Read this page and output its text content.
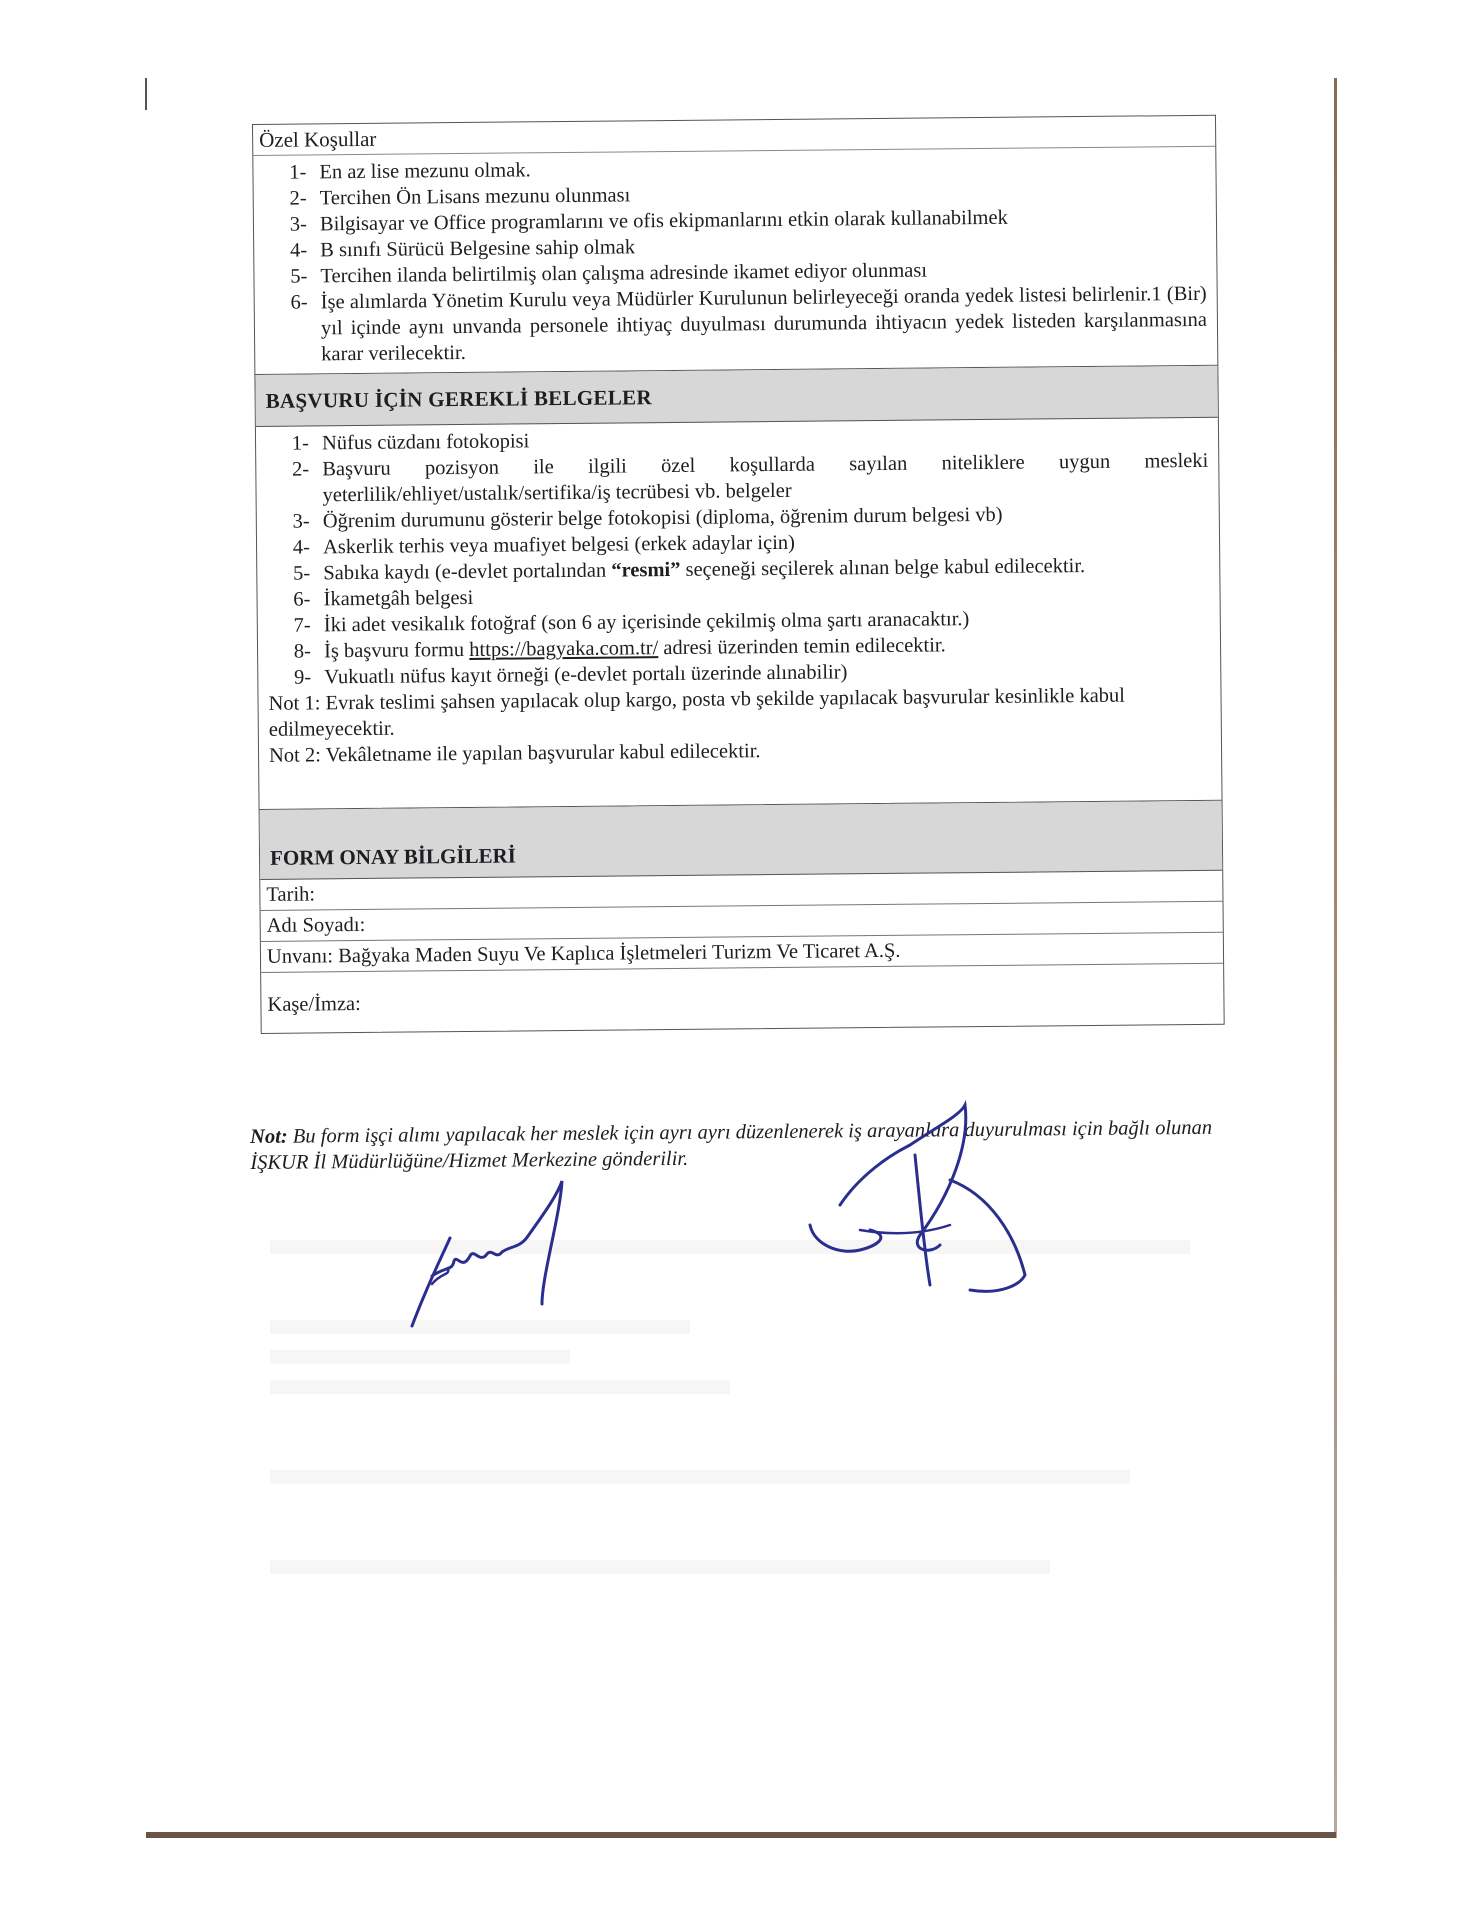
Özel Koşullar
1. En az lise mezunu olmak.
2. Tercihen Ön Lisans mezunu olunması
3. Bilgisayar ve Office programlarını ve ofis ekipmanlarını etkin olarak kullanabilmek
4. B sınıfı Sürücü Belgesine sahip olmak
5. Tercihen ilanda belirtilmiş olan çalışma adresinde ikamet ediyor olunması
6. İşe alımlarda Yönetim Kurulu veya Müdürler Kurulunun belirleyeceği oranda yedek listesi belirlenir.1 (Bir) yıl içinde aynı unvanda personele ihtiyaç duyulması durumunda ihtiyacın yedek listeden karşılanmasına karar verilecektir.
BAŞVURU İÇİN GEREKLİ BELGELER
1. Nüfus cüzdanı fotokopisi
2. Başvuru pozisyon ile ilgili özel koşullarda sayılan niteliklere uygun mesleki yeterlilik/ehliyet/ustalık/sertifika/iş tecrübesi vb. belgeler
3. Öğrenim durumunu gösterir belge fotokopisi (diploma, öğrenim durum belgesi vb)
4. Askerlik terhis veya muafiyet belgesi (erkek adaylar için)
5. Sabıka kaydı (e-devlet portalından “resmi” seçeneği seçilerek alınan belge kabul edilecektir.
6. İkametgâh belgesi
7. İki adet vesikalık fotoğraf (son 6 ay içerisinde çekilmiş olma şartı aranacaktır.)
8. İş başvuru formu https://bagyaka.com.tr/ adresi üzerinden temin edilecektir.
9. Vukuatlı nüfus kayıt örneği (e-devlet portalı üzerinde alınabilir)

Not 1: Evrak teslimi şahsen yapılacak olup kargo, posta vb şekilde yapılacak başvurular kesinlikle kabul edilmeyecektir.

Not 2: Vekâletname ile yapılan başvurular kabul edilecektir.

FORM ONAY BİLGİLERİ
Tarih:
Adı Soyadı:
Unvanı: Bağyaka Maden Suyu Ve Kaplıca İşletmeleri Turizm Ve Ticaret A.Ş.
Kaşe/İmza:
Not: Bu form işçi alımı yapılacak her meslek için ayrı ayrı düzenlenerek iş arayanlara duyurulması için bağlı olunan İŞKUR İl Müdürlüğüne/Hizmet Merkezine gönderilir.
